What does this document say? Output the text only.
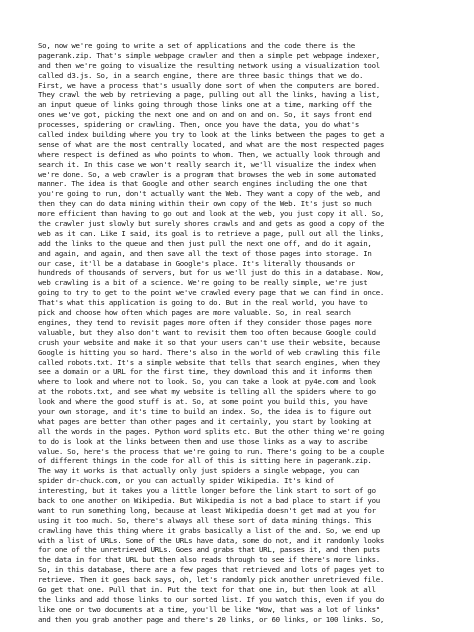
So, now we're going to write a set of applications and the code there is the
pagerank.zip. That's simple webpage crawler and then a simple pet webpage indexer,
and then we're going to visualize the resulting network using a visualization tool
called d3.js. So, in a search engine, there are three basic things that we do.
First, we have a process that's usually done sort of when the computers are bored.
They crawl the web by retrieving a page, pulling out all the links, having a list,
an input queue of links going through those links one at a time, marking off the
ones we've got, picking the next one and on and on and on. So, it says front end
processes, spidering or crawling. Then, once you have the data, you do what's
called index building where you try to look at the links between the pages to get a
sense of what are the most centrally located, and what are the most respected pages
where respect is defined as who points to whom. Then, we actually look through and
search it. In this case we won't really search it, we'll visualize the index when
we're done. So, a web crawler is a program that browses the web in some automated
manner. The idea is that Google and other search engines including the one that
you're going to run, don't actually want the Web. They want a copy of the web, and
then they can do data mining within their own copy of the Web. It's just so much
more efficient than having to go out and look at the web, you just copy it all. So,
the crawler just slowly but surely shores crawls and and gets as good a copy of the
web as it can. Like I said, its goal is to retrieve a page, pull out all the links,
add the links to the queue and then just pull the next one off, and do it again,
and again, and again, and then save all the text of those pages into storage. In
our case, it'll be a database in Google's place. It's literally thousands or
hundreds of thousands of servers, but for us we'll just do this in a database. Now,
web crawling is a bit of a science. We're going to be really simple, we're just
going to try to get to the point we've crawled every page that we can find in once.
That's what this application is going to do. But in the real world, you have to
pick and choose how often which pages are more valuable. So, in real search
engines, they tend to revisit pages more often if they consider those pages more
valuable, but they also don't want to revisit them too often because Google could
crush your website and make it so that your users can't use their website, because
Google is hitting you so hard. There's also in the world of web crawling this file
called robots.txt. It's a simple website that tells that search engines, when they
see a domain or a URL for the first time, they download this and it informs them
where to look and where not to look. So, you can take a look at py4e.com and look
at the robots.txt, and see what my website is telling all the spiders where to go
look and where the good stuff is at. So, at some point you build this, you have
your own storage, and it's time to build an index. So, the idea is to figure out
what pages are better than other pages and it certainly, you start by looking at
all the words in the pages. Python word splits etc. But the other thing we're going
to do is look at the links between them and use those links as a way to ascribe
value. So, here's the process that we're going to run. There's going to be a couple
of different things in the code for all of this is sitting here in pagerank.zip.
The way it works is that actually only just spiders a single webpage, you can
spider dr-chuck.com, or you can actually spider Wikipedia. It's kind of
interesting, but it takes you a little longer before the link start to sort of go
back to one another on Wikipedia. But Wikipedia is not a bad place to start if you
want to run something long, because at least Wikipedia doesn't get mad at you for
using it too much. So, there's always all these sort of data mining things. This
crawling have this thing where it grabs basically a list of the and. So, we end up
with a list of URLs. Some of the URLs have data, some do not, and it randomly looks
for one of the unretrieved URLs. Goes and grabs that URL, passes it, and then puts
the data in for that URL but then also reads through to see if there's more links.
So, in this database, there are a few pages that retrieved and lots of pages yet to
retrieve. Then it goes back says, oh, let's randomly pick another unretrieved file.
Go get that one. Pull that in. Put the text for that one in, but then look at all
the links and add those links to our sorted list. If you watch this, even if you do
like one or two documents at a time, you'll be like "Wow, that was a lot of links"
and then you grab another page and there's 20 links, or 60 links, or 100 links. So,
